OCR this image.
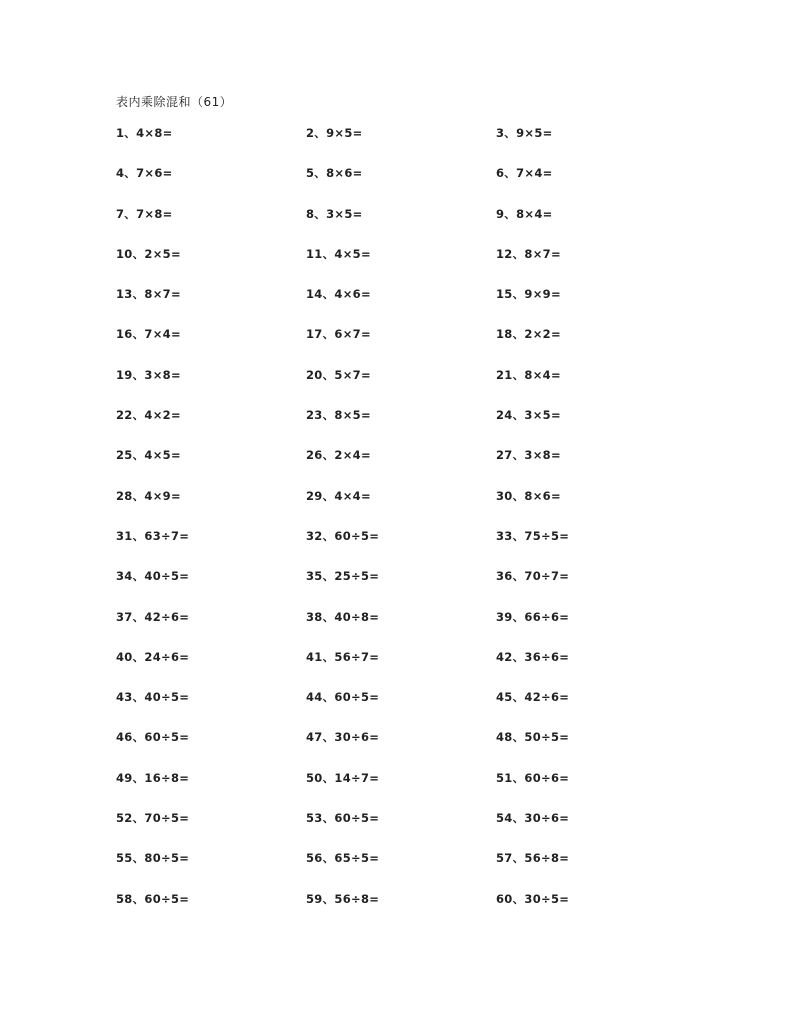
表内乘除混和（61）
1、4×8=	2、9×5=	3、9×5=
4、7×6=	5、8×6=	6、7×4=
7、7×8=	8、3×5=	9、8×4=
10、2×5=	11、4×5=	12、8×7=
13、8×7=	14、4×6=	15、9×9=
16、7×4=	17、6×7=	18、2×2=
19、3×8=	20、5×7=	21、8×4=
22、4×2=	23、8×5=	24、3×5=
25、4×5=	26、2×4=	27、3×8=
28、4×9=	29、4×4=	30、8×6=
31、63÷7=	32、60÷5=	33、75÷5=
34、40÷5=	35、25÷5=	36、70÷7=
37、42÷6=	38、40÷8=	39、66÷6=
40、24÷6=	41、56÷7=	42、36÷6=
43、40÷5=	44、60÷5=	45、42÷6=
46、60÷5=	47、30÷6=	48、50÷5=
49、16÷8=	50、14÷7=	51、60÷6=
52、70÷5=	53、60÷5=	54、30÷6=
55、80÷5=	56、65÷5=	57、56÷8=
58、60÷5=	59、56÷8=	60、30÷5=
